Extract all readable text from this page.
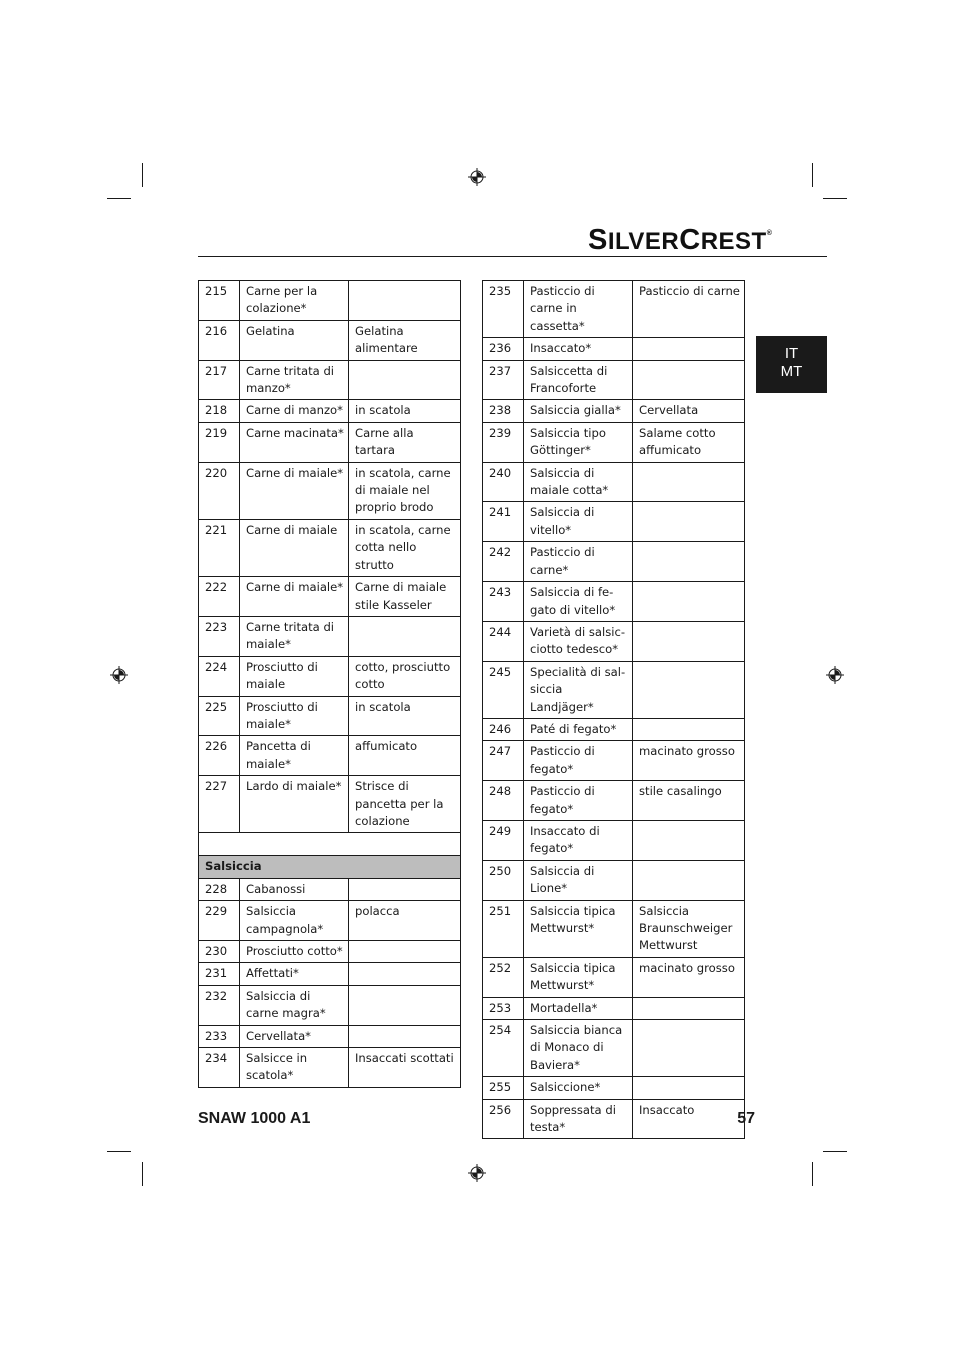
SILVERCREST®
IT
MT
215	Carne per la colazione*	
216	Gelatina	Gelatina alimentare
217	Carne tritata di manzo*	
218	Carne di manzo*	in scatola
219	Carne macinata*	Carne alla tartara
220	Carne di maiale*	in scatola, carne di maiale nel proprio brodo
221	Carne di maiale	in scatola, carne cotta nello strutto
222	Carne di maiale*	Carne di maiale stile Kasseler
223	Carne tritata di maiale*	
224	Prosciutto di maiale	cotto, prosciutto cotto
225	Prosciutto di maiale*	in scatola
226	Pancetta di maiale*	affumicato
227	Lardo di maiale*	Strisce di pancetta per la colazione

Salsiccia		
228	Cabanossi	
229	Salsiccia campagnola*	polacca
230	Prosciutto cotto*	
231	Affettati*	
232	Salsiccia di carne magra*	
233	Cervellata*	
234	Salsicce in scatola*	Insaccati scottati
235	Pasticcio di carne in cassetta*	Pasticcio di carne
236	Insaccato*	
237	Salsiccetta di Francoforte	
238	Salsiccia gialla*	Cervellata
239	Salsiccia tipo Göttinger*	Salame cotto affumicato
240	Salsiccia di maiale cotta*	
241	Salsiccia di vitello*	
242	Pasticcio di carne*	
243	Salsiccia di fe-gato di vitello*	
244	Varietà di salsic-ciotto tedesco*	
245	Specialità di sal-siccia Landjäger*	
246	Paté di fegato*	
247	Pasticcio di fegato*	macinato grosso
248	Pasticcio di fegato*	stile casalingo
249	Insaccato di fegato*	
250	Salsiccia di Lione*	
251	Salsiccia tipica Mettwurst*	Salsiccia Braunschweiger Mettwurst
252	Salsiccia tipica Mettwurst*	macinato grosso
253	Mortadella*	
254	Salsiccia bianca di Monaco di Baviera*	
255	Salsiccione*	
256	Soppressata di testa*	Insaccato
SNAW 1000 A1	57
